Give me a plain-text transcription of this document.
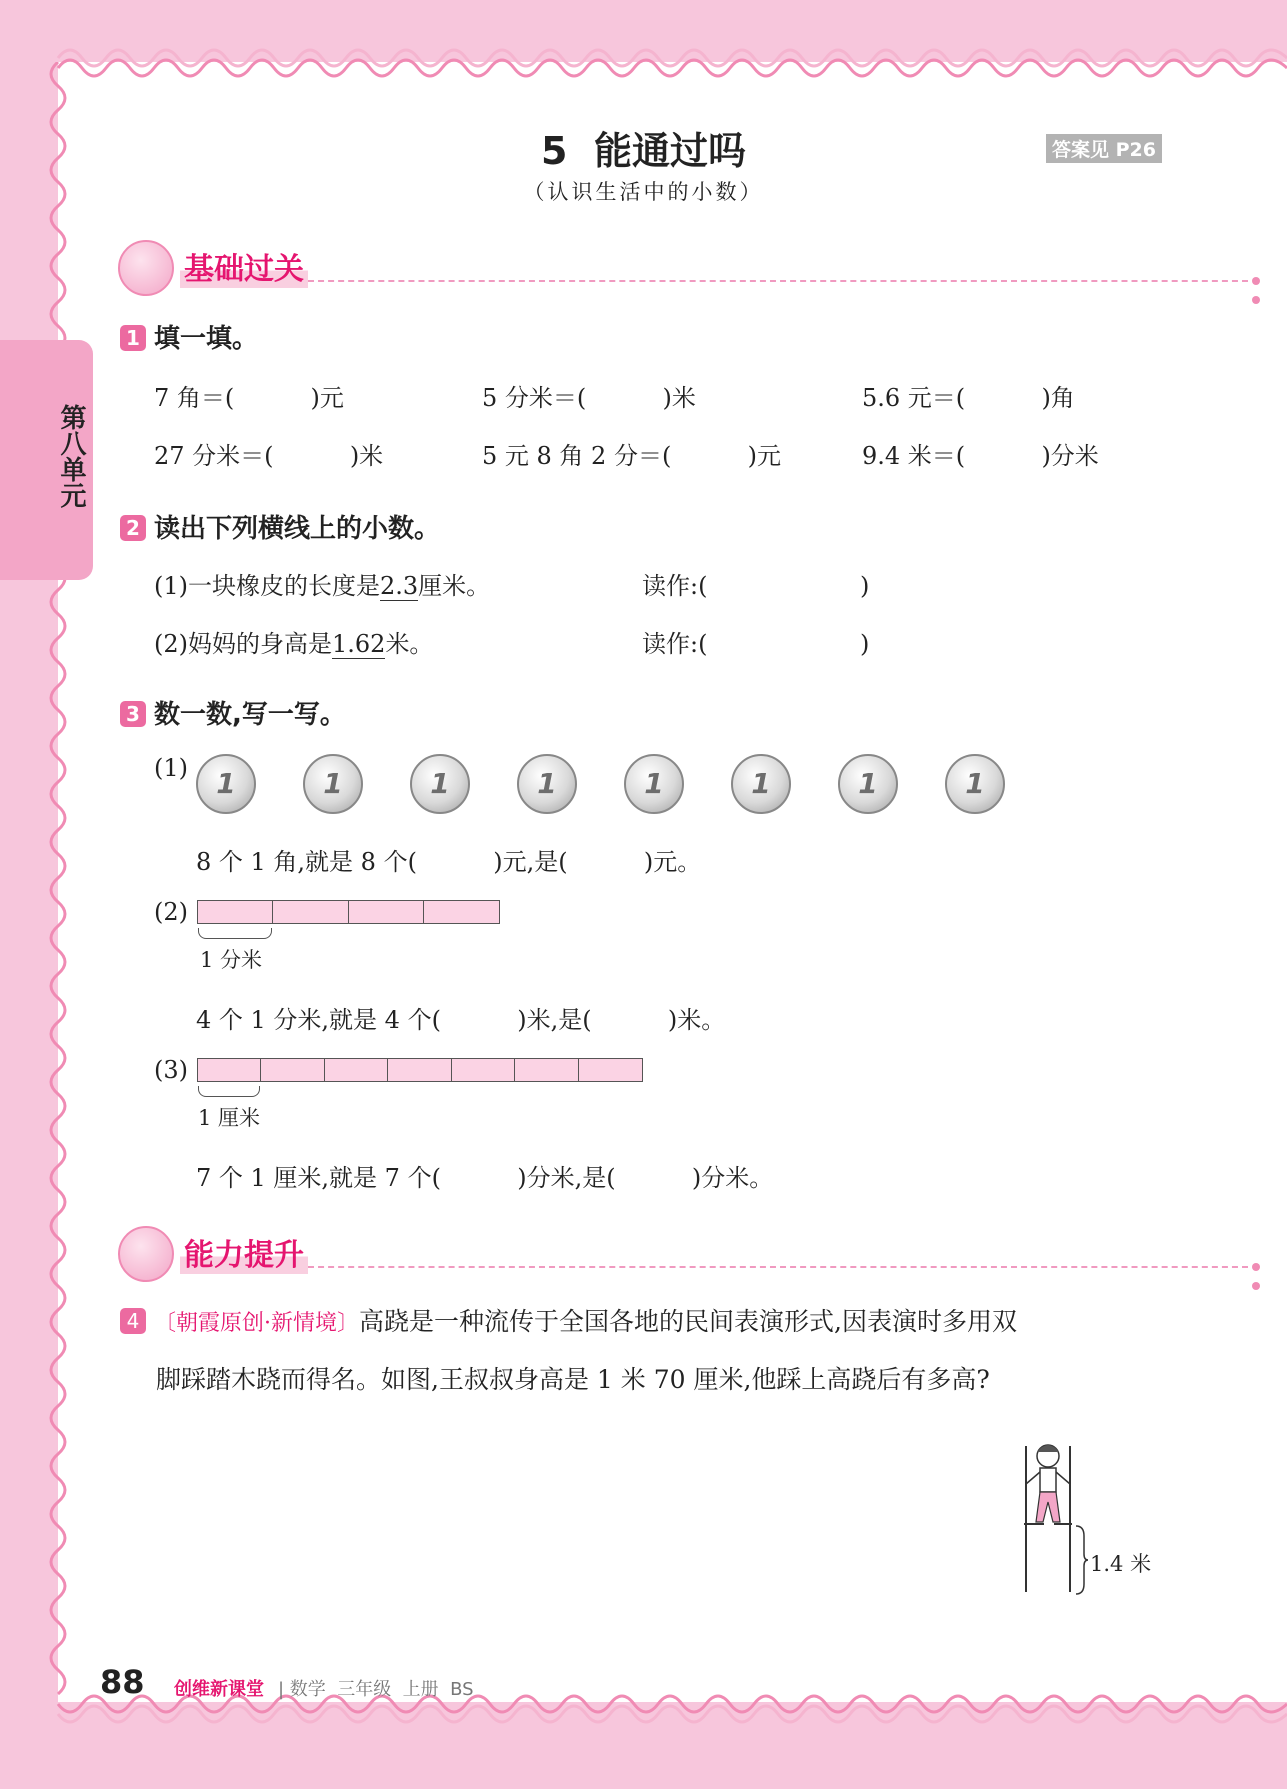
第八单元
5  能通过吗
（认识生活中的小数）
答案见 P26
基础过关
1 填一填。
7 角＝(          )元	5 分米＝(          )米	5.6 元＝(          )角
27 分米＝(          )米	5 元 8 角 2 分＝(          )元	9.4 米＝(          )分米
2 读出下列横线上的小数。
(1)一块橡皮的长度是2.3厘米。	读作:(                    )
(2)妈妈的身高是1.62米。	读作:(                    )
3 数一数,写一写。
(1)	1	1	1	1	1	1	1	1
8 个 1 角,就是 8 个(          )元,是(          )元。
(2)
1 分米
4 个 1 分米,就是 4 个(          )米,是(          )米。
(3)
1 厘米
7 个 1 厘米,就是 7 个(          )分米,是(          )分米。
能力提升
4 〔朝霞原创·新情境〕高跷是一种流传于全国各地的民间表演形式,因表演时多用双
脚踩踏木跷而得名。如图,王叔叔身高是 1 米 70 厘米,他踩上高跷后有多高?
1.4 米
88 创维新课堂 | 数学  三年级  上册  BS
